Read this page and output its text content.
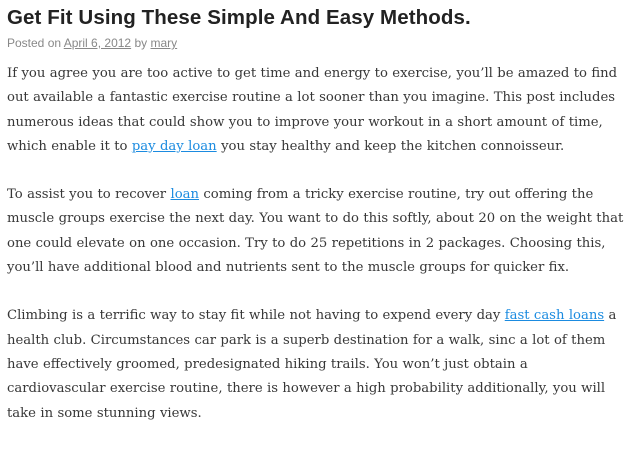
Get Fit Using These Simple And Easy Methods.
Posted on April 6, 2012 by mary

If you agree you are too active to get time and energy to exercise, you’ll be amazed to find out available a fantastic exercise routine a lot sooner than you imagine. This post includes numerous ideas that could show you to improve your workout in a short amount of time, which enable it to pay day loan you stay healthy and keep the kitchen connoisseur.

To assist you to recover loan coming from a tricky exercise routine, try out offering the muscle groups exercise the next day. You want to do this softly, about 20 on the weight that one could elevate on one occasion. Try to do 25 repetitions in 2 packages. Choosing this, you’ll have additional blood and nutrients sent to the muscle groups for quicker fix.

Climbing is a terrific way to stay fit while not having to expend every day fast cash loans a health club. Circumstances car park is a superb destination for a walk, sinc a lot of them have effectively groomed, predesignated hiking trails. You won’t just obtain a cardiovascular exercise routine, there is however a high probability additionally, you will take in some stunning views.
